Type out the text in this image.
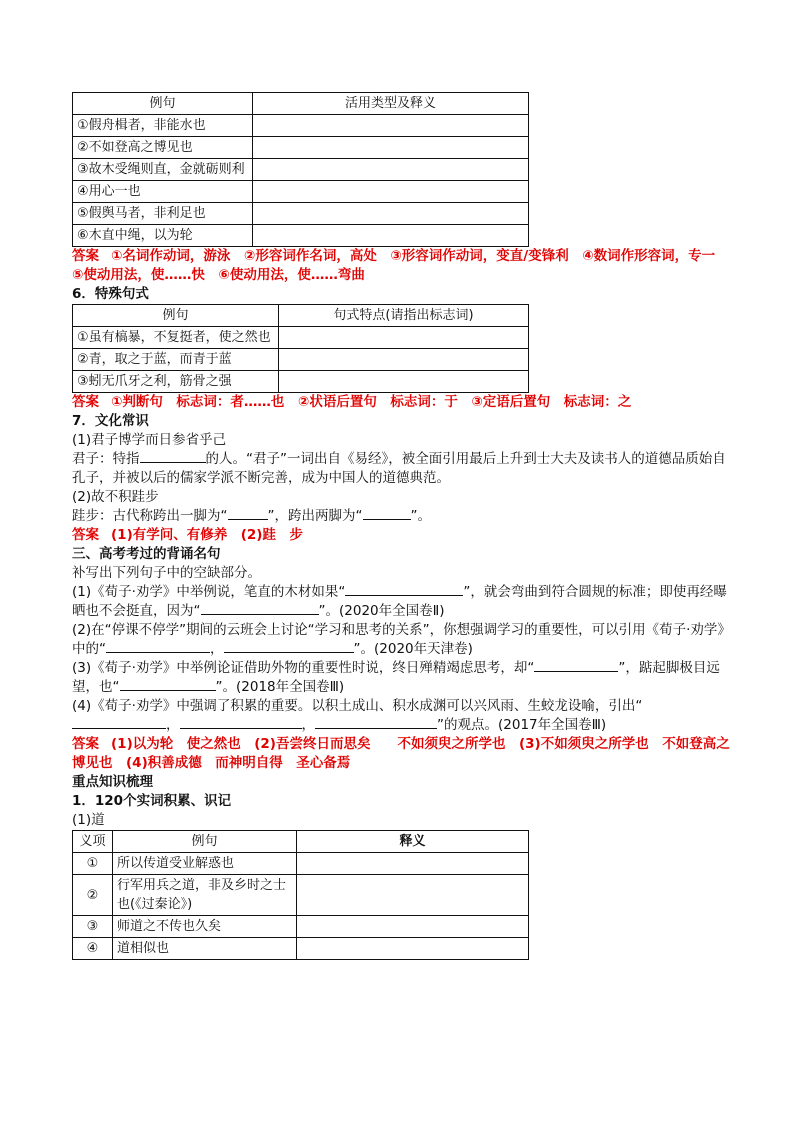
例句	活用类型及释义
①假舟楫者，非能水也	
②不如登高之博见也	
③故木受绳则直，金就砺则利	
④用心一也	
⑤假舆马者，非利足也	
⑥木直中绳，以为轮	
答案 ①名词作动词，游泳　②形容词作名词，高处　③形容词作动词，变直/变锋利　④数词作形容词，专一　⑤使动用法，使……快　⑥使动用法，使……弯曲
6．特殊句式
例句	句式特点(请指出标志词)
①虽有槁暴，不复挺者，使之然也	
②青，取之于蓝，而青于蓝	
③蚓无爪牙之利，筋骨之强	
答案 ①判断句　标志词：者……也　②状语后置句　标志词：于　③定语后置句　标志词：之
7．文化常识
(1)君子博学而日参省乎己
君子：特指	的人。“君子”一词出自《易经》，被全面引用最后上升到士大夫及读书人的道德品质始自孔子，并被以后的儒家学派不断完善，成为中国人的道德典范。
(2)故不积跬步
跬步：古代称跨出一脚为“	”，跨出两脚为“	”。
答案 (1)有学问、有修养　(2)跬　步
三、高考考过的背诵名句
补写出下列句子中的空缺部分。
(1)《荀子·劝学》中举例说，笔直的木材如果“	”，就会弯曲到符合圆规的标准；即使再经曝晒也不会挺直，因为“	”。(2020年全国卷Ⅱ)
(2)在“停课不停学”期间的云班会上讨论“学习和思考的关系”，你想强调学习的重要性，可以引用《荀子·劝学》中的“	，	”。(2020年天津卷)
(3)《荀子·劝学》中举例论证借助外物的重要性时说，终日殚精竭虑思考，却“	”，踮起脚极目远望，也“	”。(2018年全国卷Ⅲ)
(4)《荀子·劝学》中强调了积累的重要。以积土成山、积水成渊可以兴风雨、生蛟龙设喻，引出“，	，	”的观点。(2017年全国卷Ⅲ)
答案 (1)以为轮　使之然也　(2)吾尝终日而思矣　　不如须臾之所学也　(3)不如须臾之所学也　不如登高之博见也　(4)积善成德　而神明自得　圣心备焉
重点知识梳理
1．120个实词积累、识记
(1)道
义项	例句	释义
①	所以传道受业解惑也	
②	行军用兵之道，非及乡时之士也(《过秦论》)	
③	师道之不传也久矣	
④	道相似也	
